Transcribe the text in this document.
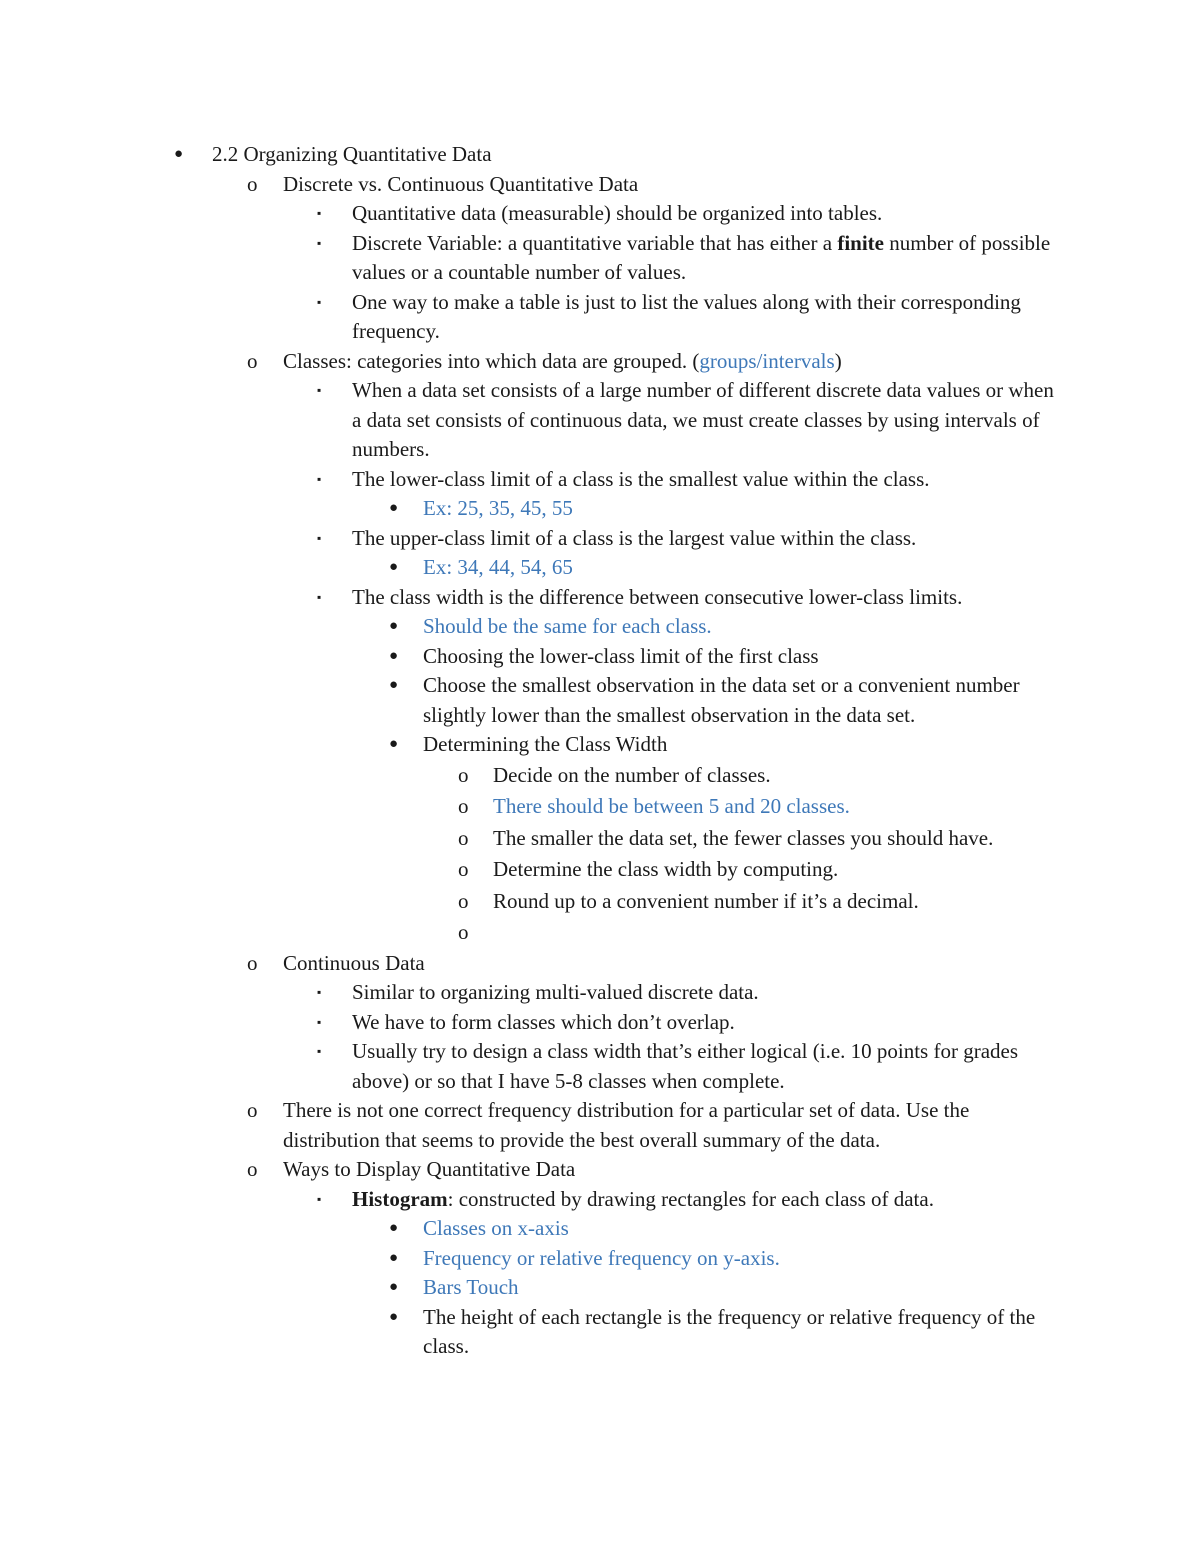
● 2.2 Organizing Quantitative Data
o Discrete vs. Continuous Quantitative Data
▪ Quantitative data (measurable) should be organized into tables.
▪ Discrete Variable: a quantitative variable that has either a finite number of possible values or a countable number of values.
▪ One way to make a table is just to list the values along with their corresponding frequency.
o Classes: categories into which data are grouped. (groups/intervals)
▪ When a data set consists of a large number of different discrete data values or when a data set consists of continuous data, we must create classes by using intervals of numbers.
▪ The lower-class limit of a class is the smallest value within the class.
● Ex: 25, 35, 45, 55
▪ The upper-class limit of a class is the largest value within the class.
● Ex: 34, 44, 54, 65
▪ The class width is the difference between consecutive lower-class limits.
● Should be the same for each class.
● Choosing the lower-class limit of the first class
● Choose the smallest observation in the data set or a convenient number slightly lower than the smallest observation in the data set.
● Determining the Class Width
o Decide on the number of classes.
o There should be between 5 and 20 classes.
o The smaller the data set, the fewer classes you should have.
o Determine the class width by computing.
o Round up to a convenient number if it’s a decimal.
o

o Continuous Data
▪ Similar to organizing multi-valued discrete data.
▪ We have to form classes which don’t overlap.
▪ Usually try to design a class width that’s either logical (i.e. 10 points for grades above) or so that I have 5-8 classes when complete.
o There is not one correct frequency distribution for a particular set of data. Use the distribution that seems to provide the best overall summary of the data.
o Ways to Display Quantitative Data
▪ Histogram: constructed by drawing rectangles for each class of data.
● Classes on x-axis
● Frequency or relative frequency on y-axis.
● Bars Touch
● The height of each rectangle is the frequency or relative frequency of the class.
